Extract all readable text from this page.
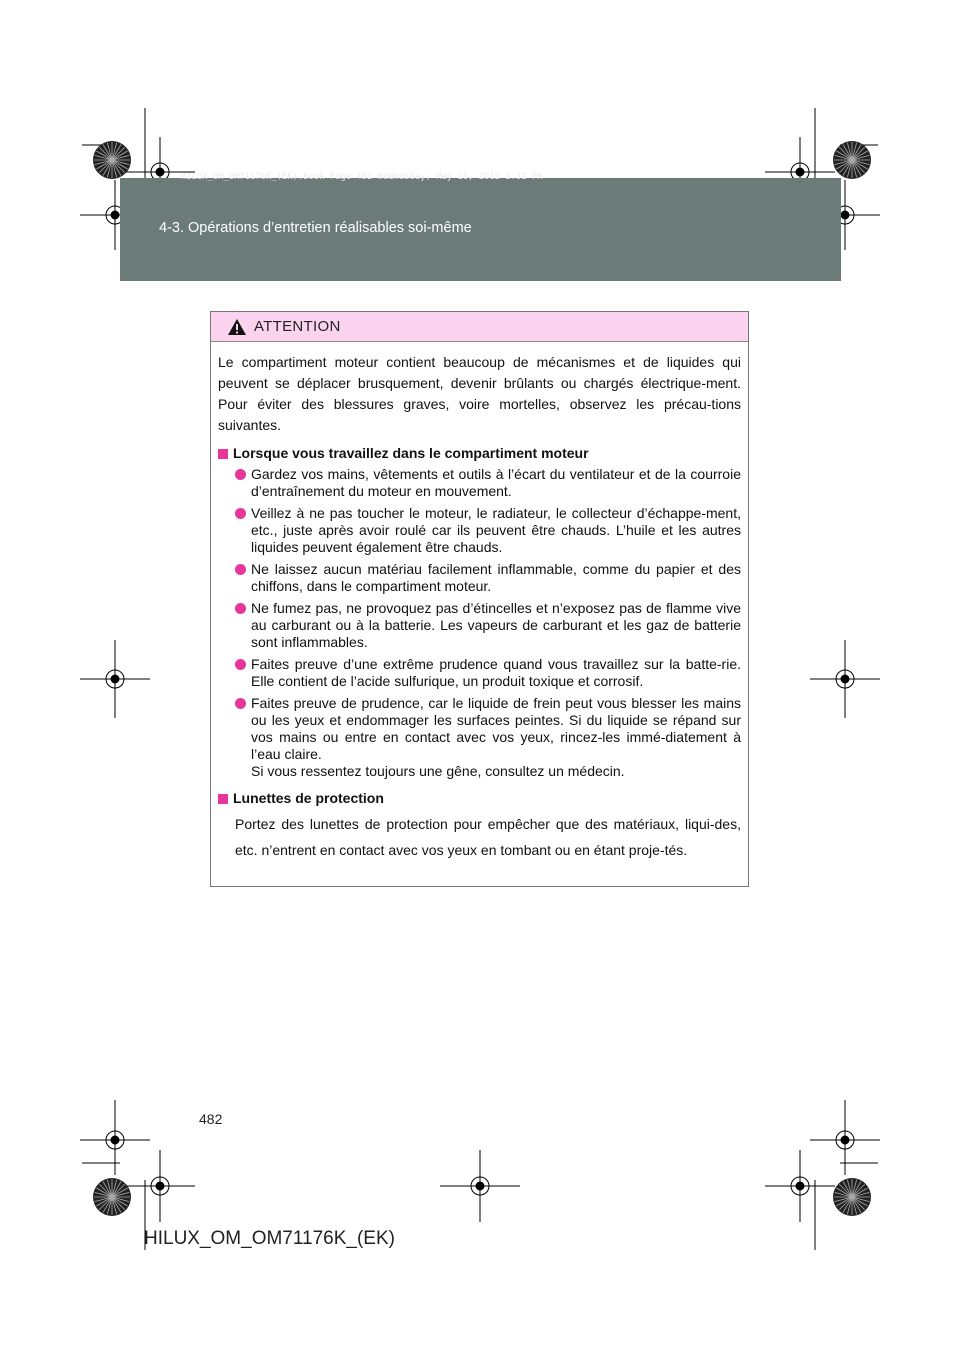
4-3. Opérations d’entretien réalisables soi-même
HILUX_OM_OM71176K_(EK).book Page 482 Wednesday, May 16, 2012 2:32 PM
ATTENTION

Le compartiment moteur contient beaucoup de mécanismes et de liquides qui peuvent se déplacer brusquement, devenir brûlants ou chargés électrique-ment. Pour éviter des blessures graves, voire mortelles, observez les précau-tions suivantes.

Lorsque vous travaillez dans le compartiment moteur
Gardez vos mains, vêtements et outils à l’écart du ventilateur et de la courroie d’entraînement du moteur en mouvement.
Veillez à ne pas toucher le moteur, le radiateur, le collecteur d’échappe-ment, etc., juste après avoir roulé car ils peuvent être chauds. L’huile et les autres liquides peuvent également être chauds.
Ne laissez aucun matériau facilement inflammable, comme du papier et des chiffons, dans le compartiment moteur.
Ne fumez pas, ne provoquez pas d’étincelles et n’exposez pas de flamme vive au carburant ou à la batterie. Les vapeurs de carburant et les gaz de batterie sont inflammables.
Faites preuve d’une extrême prudence quand vous travaillez sur la batte-rie. Elle contient de l’acide sulfurique, un produit toxique et corrosif.
Faites preuve de prudence, car le liquide de frein peut vous blesser les mains ou les yeux et endommager les surfaces peintes. Si du liquide se répand sur vos mains ou entre en contact avec vos yeux, rincez-les immé-diatement à l’eau claire.
Si vous ressentez toujours une gêne, consultez un médecin.
Lunettes de protection
Portez des lunettes de protection pour empêcher que des matériaux, liqui-des, etc. n’entrent en contact avec vos yeux en tombant ou en étant proje-tés.
482
HILUX_OM_OM71176K_(EK)
